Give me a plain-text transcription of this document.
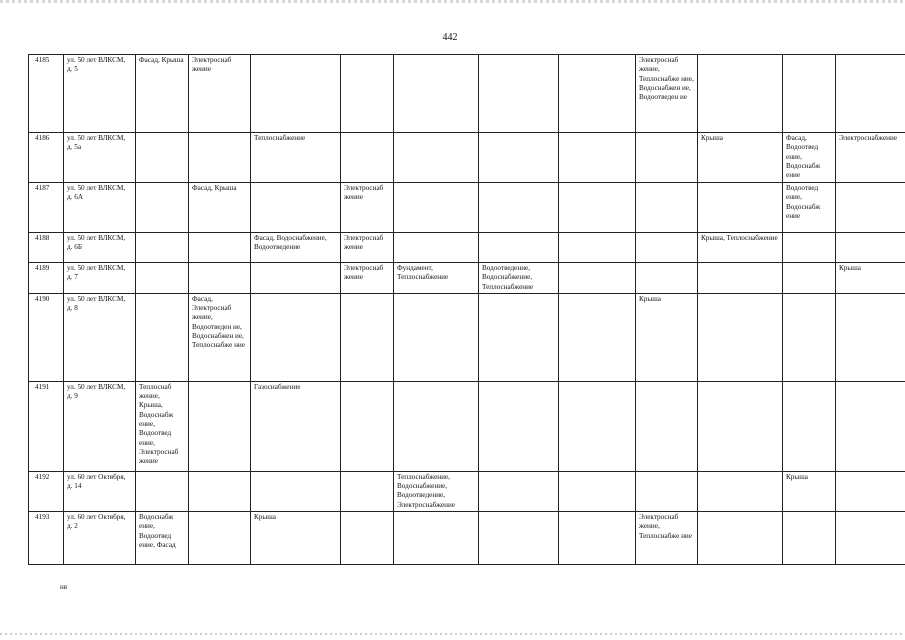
442
4185	ул. 50 лет ВЛКСМ, д. 5	Фасад, Крыша	Электроснаб жение						Электроснаб жение, Теплоснабже ние, Водоснабжен ие, Водоотведен ие			
4186	ул. 50 лет ВЛКСМ, д. 5а			Теплоснабжение						Крыша	Фасад, Водоотвед ение, Водоснабж ение	Электроснабжение
4187	ул. 50 лет ВЛКСМ, д. 6А		Фасад, Крыша		Электроснаб жение						Водоотвед ение, Водоснабж ение	
4188	ул. 50 лет ВЛКСМ, д. 6Б			Фасад, Водоснабжение, Водоотведение	Электроснаб жение					Крыша, Теплоснабжение		
4189	ул. 50 лет ВЛКСМ, д. 7				Электроснаб жение	Фундамент, Теплоснабжение	Водоотведение, Водоснабжение, Теплоснабжение					Крыша
4190	ул. 50 лет ВЛКСМ, д. 8		Фасад, Электроснаб жение, Водоотведен ие, Водоснабжен ие, Теплоснабже ние						Крыша			
4191	ул. 50 лет ВЛКСМ, д. 9	Теплоснаб жение, Крыша, Водоснабж ение, Водоотвед ение, Электроснаб жение		Газоснабжение								
4192	ул. 60 лет Октября, д. 14					Теплоснабжение, Водоснабжение, Водоотведение, Электроснабжение					Крыша	
4193	ул. 60 лет Октября, д. 2	Водоснабж ение, Водоотвед ение, Фасад		Крыша					Электроснаб жение, Теплоснабже ние			
нв
